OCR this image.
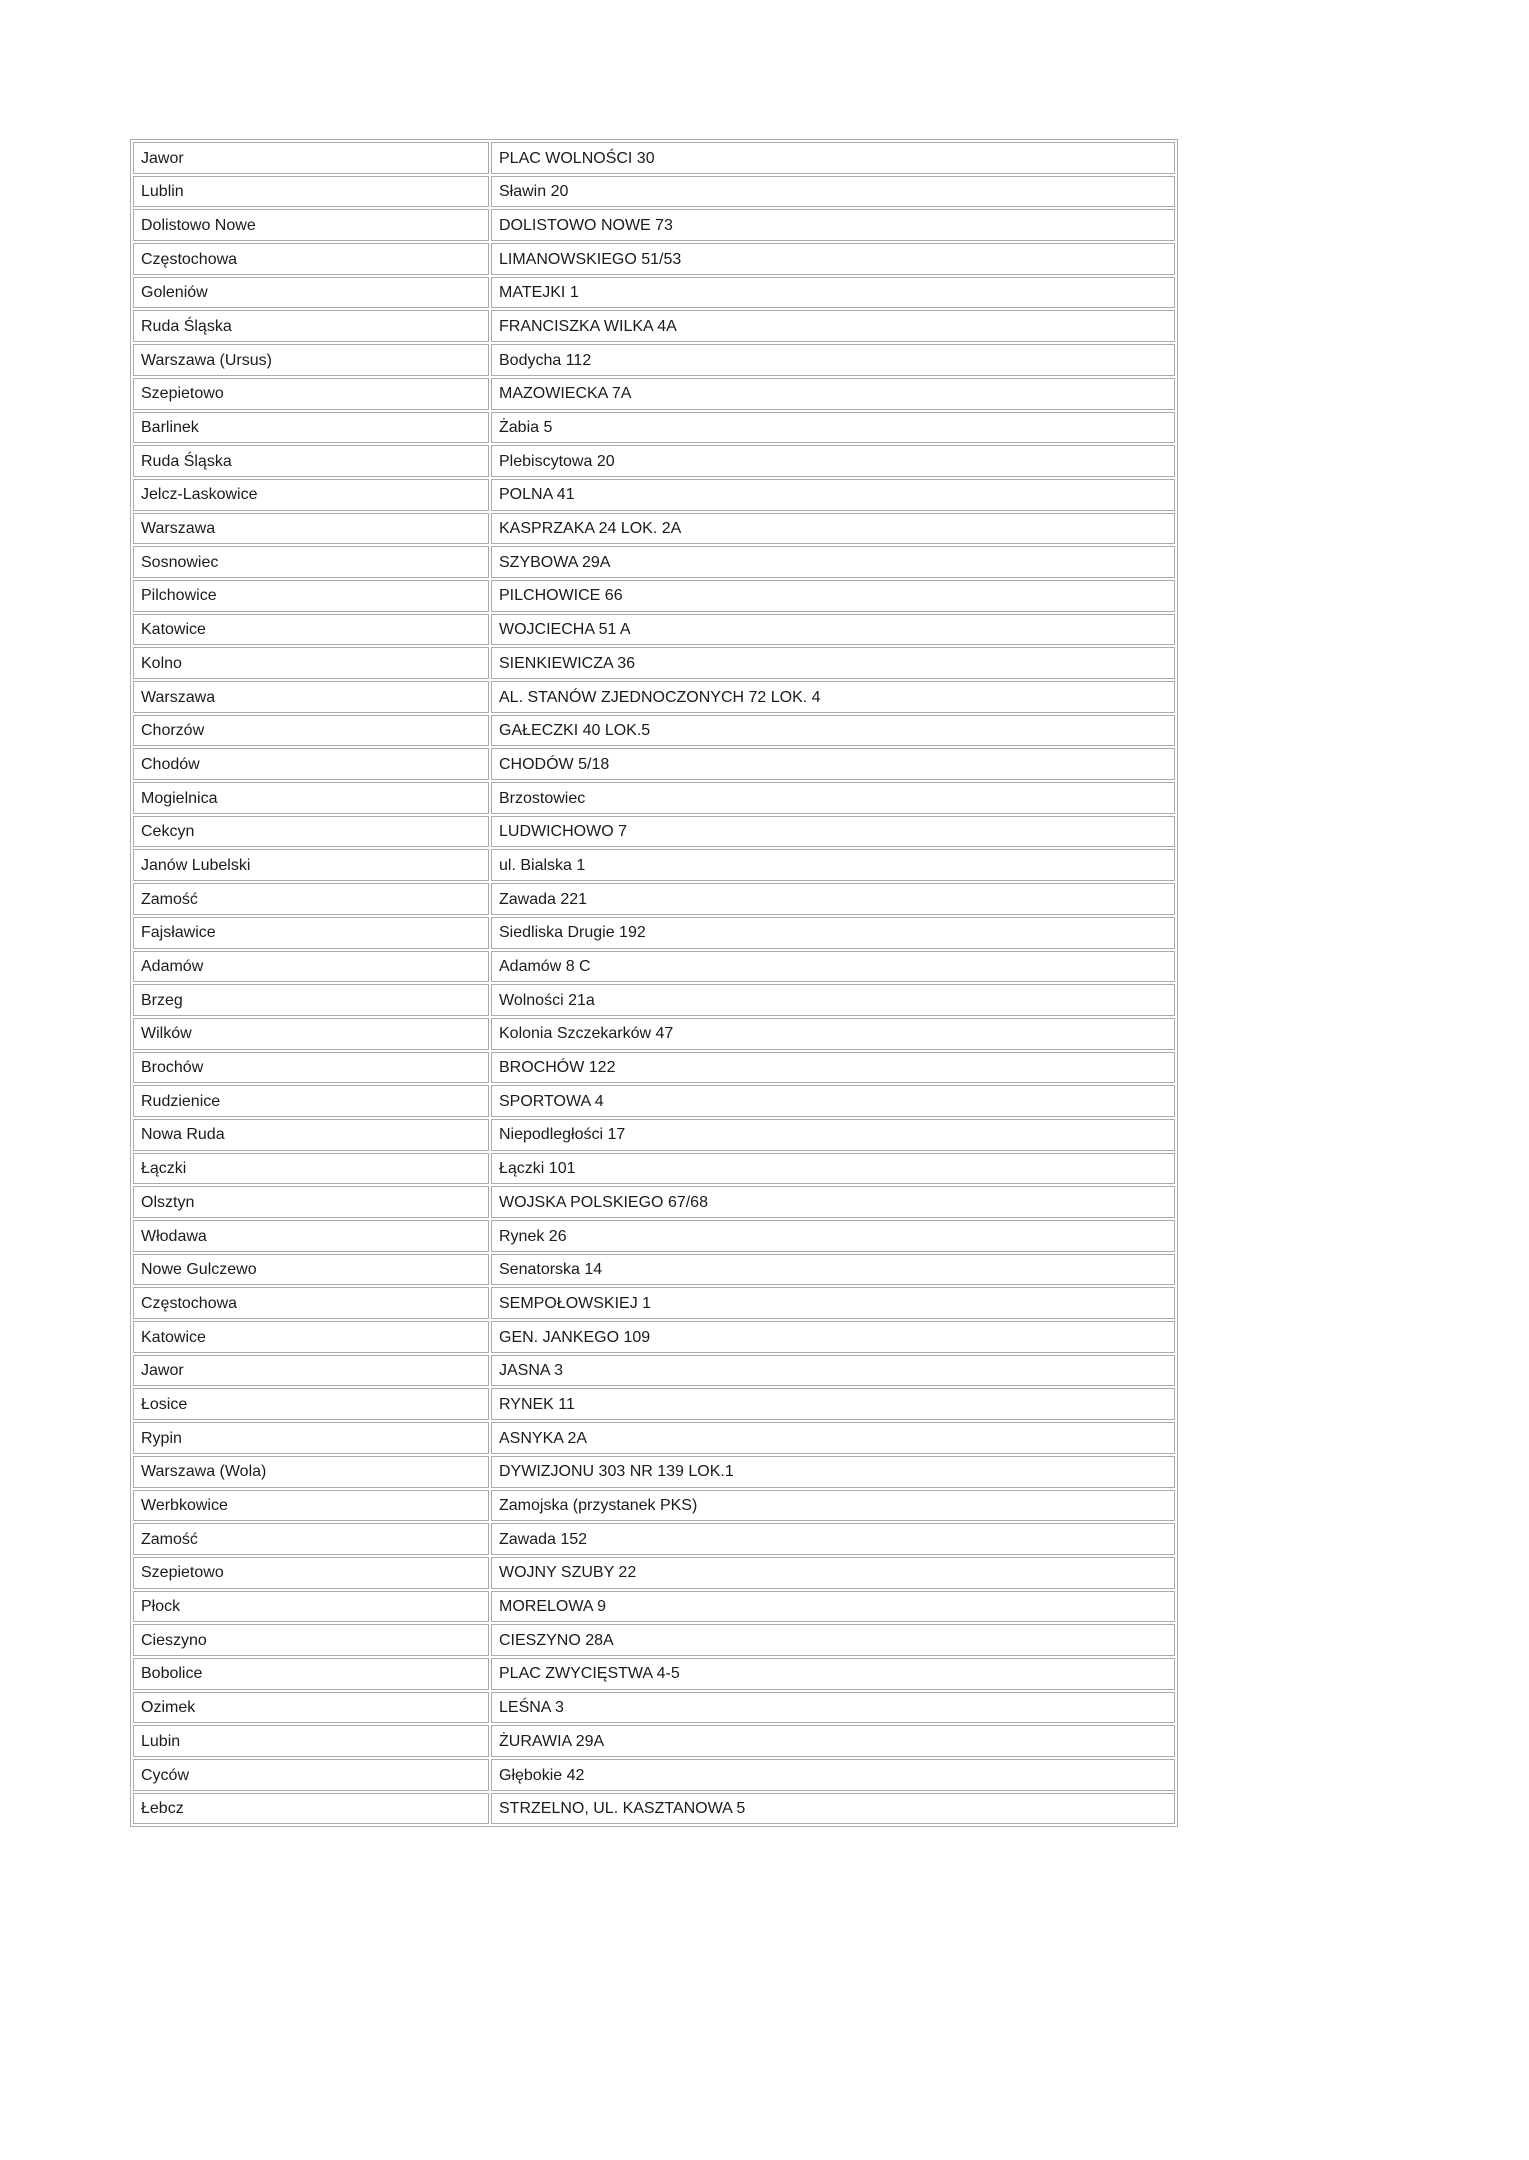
Jawor	PLAC WOLNOŚCI 30
Lublin	Sławin 20
Dolistowo Nowe	DOLISTOWO NOWE 73
Częstochowa	LIMANOWSKIEGO 51/53
Goleniów	MATEJKI 1
Ruda Śląska	FRANCISZKA WILKA 4A
Warszawa (Ursus)	Bodycha 112
Szepietowo	MAZOWIECKA 7A
Barlinek	Żabia 5
Ruda Śląska	Plebiscytowa 20
Jelcz-Laskowice	POLNA 41
Warszawa	KASPRZAKA 24 LOK. 2A
Sosnowiec	SZYBOWA 29A
Pilchowice	PILCHOWICE 66
Katowice	WOJCIECHA 51 A
Kolno	SIENKIEWICZA 36
Warszawa	AL. STANÓW ZJEDNOCZONYCH 72 LOK. 4
Chorzów	GAŁECZKI 40 LOK.5
Chodów	CHODÓW 5/18
Mogielnica	Brzostowiec
Cekcyn	LUDWICHOWO 7
Janów Lubelski	ul. Bialska 1
Zamość	Zawada 221
Fajsławice	Siedliska Drugie 192
Adamów	Adamów 8 C
Brzeg	Wolności 21a
Wilków	Kolonia Szczekarków 47
Brochów	BROCHÓW 122
Rudzienice	SPORTOWA 4
Nowa Ruda	Niepodległości 17
Łączki	Łączki 101
Olsztyn	WOJSKA POLSKIEGO 67/68
Włodawa	Rynek 26
Nowe Gulczewo	Senatorska 14
Częstochowa	SEMPOŁOWSKIEJ 1
Katowice	GEN. JANKEGO 109
Jawor	JASNA 3
Łosice	RYNEK 11
Rypin	ASNYKA 2A
Warszawa (Wola)	DYWIZJONU 303 NR 139 LOK.1
Werbkowice	Zamojska (przystanek PKS)
Zamość	Zawada 152
Szepietowo	WOJNY SZUBY 22
Płock	MORELOWA 9
Cieszyno	CIESZYNO 28A
Bobolice	PLAC ZWYCIĘSTWA 4-5
Ozimek	LEŚNA 3
Lubin	ŻURAWIA 29A
Cyców	Głębokie 42
Łebcz	STRZELNO, UL. KASZTANOWA 5
